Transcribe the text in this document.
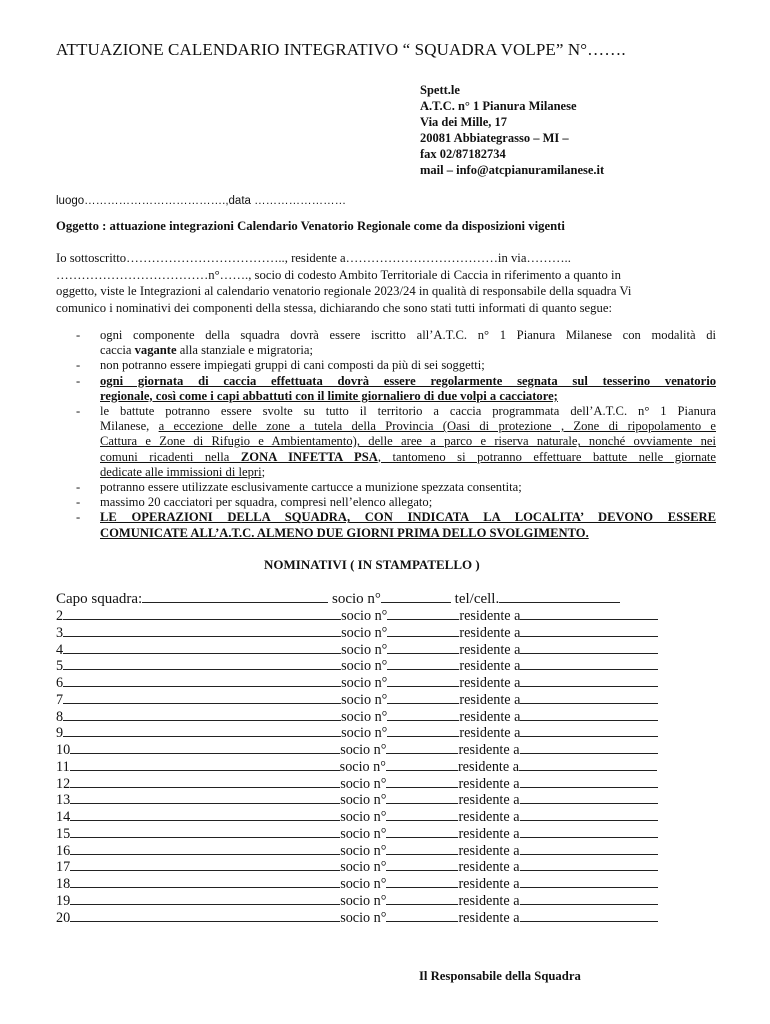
ATTUAZIONE CALENDARIO INTEGRATIVO “ SQUADRA VOLPE” N°…….
Spett.le
A.T.C. n° 1 Pianura Milanese
Via dei Mille, 17
20081 Abbiategrasso – MI –
fax 02/87182734
mail – info@atcpianuramilanese.it
luogo……………………………….,data ……………………
Oggetto : attuazione integrazioni Calendario Venatorio Regionale come da disposizioni vigenti
Io sottoscritto……………………………….., residente a………………………………in via………..
………………………………n°……., socio di codesto Ambito Territoriale di Caccia in riferimento a quanto in
oggetto, viste le Integrazioni al calendario venatorio regionale 2023/24 in qualità di responsabile della squadra Vi
comunico i nominativi dei componenti della stessa, dichiarando che sono stati tutti informati di quanto segue:
- ogni componente della squadra dovrà essere iscritto all’A.T.C. n° 1 Pianura Milanese con modalità di
caccia vagante alla stanziale e migratoria;
- non potranno essere impiegati gruppi di cani composti da più di sei soggetti;
- ogni giornata di caccia effettuata dovrà essere regolarmente segnata sul tesserino venatorio
regionale, così come i capi abbattuti con il limite giornaliero di due volpi a cacciatore;
- le battute potranno essere svolte su tutto il territorio a caccia programmata dell’A.T.C. n° 1 Pianura
Milanese, a eccezione delle zone a tutela della Provincia (Oasi di protezione , Zone di ripopolamento e
Cattura e Zone di Rifugio e Ambientamento), delle aree a parco e riserva naturale, nonché ovviamente nei
comuni ricadenti nella ZONA INFETTA PSA, tantomeno si potranno effettuare battute nelle giornate
dedicate alle immissioni di lepri;
- potranno essere utilizzate esclusivamente cartucce a munizione spezzata consentita;
- massimo 20 cacciatori per squadra, compresi nell’elenco allegato;
- LE OPERAZIONI DELLA SQUADRA, CON INDICATA LA LOCALITA’ DEVONO ESSERE
COMUNICATE ALL’A.T.C. ALMENO DUE GIORNI PRIMA DELLO SVOLGIMENTO.
NOMINATIVI ( IN STAMPATELLO )
Capo squadra:	socio n°	tel/cell.
2	socio n°	residente a
3	socio n°	residente a
4	socio n°	residente a
5	socio n°	residente a
6	socio n°	residente a
7	socio n°	residente a
8	socio n°	residente a
9	socio n°	residente a
10	socio n°	residente a
11	socio n°	residente a
12	socio n°	residente a
13	socio n°	residente a
14	socio n°	residente a
15	socio n°	residente a
16	socio n°	residente a
17	socio n°	residente a
18	socio n°	residente a
19	socio n°	residente a
20	socio n°	residente a
Il Responsabile della Squadra
